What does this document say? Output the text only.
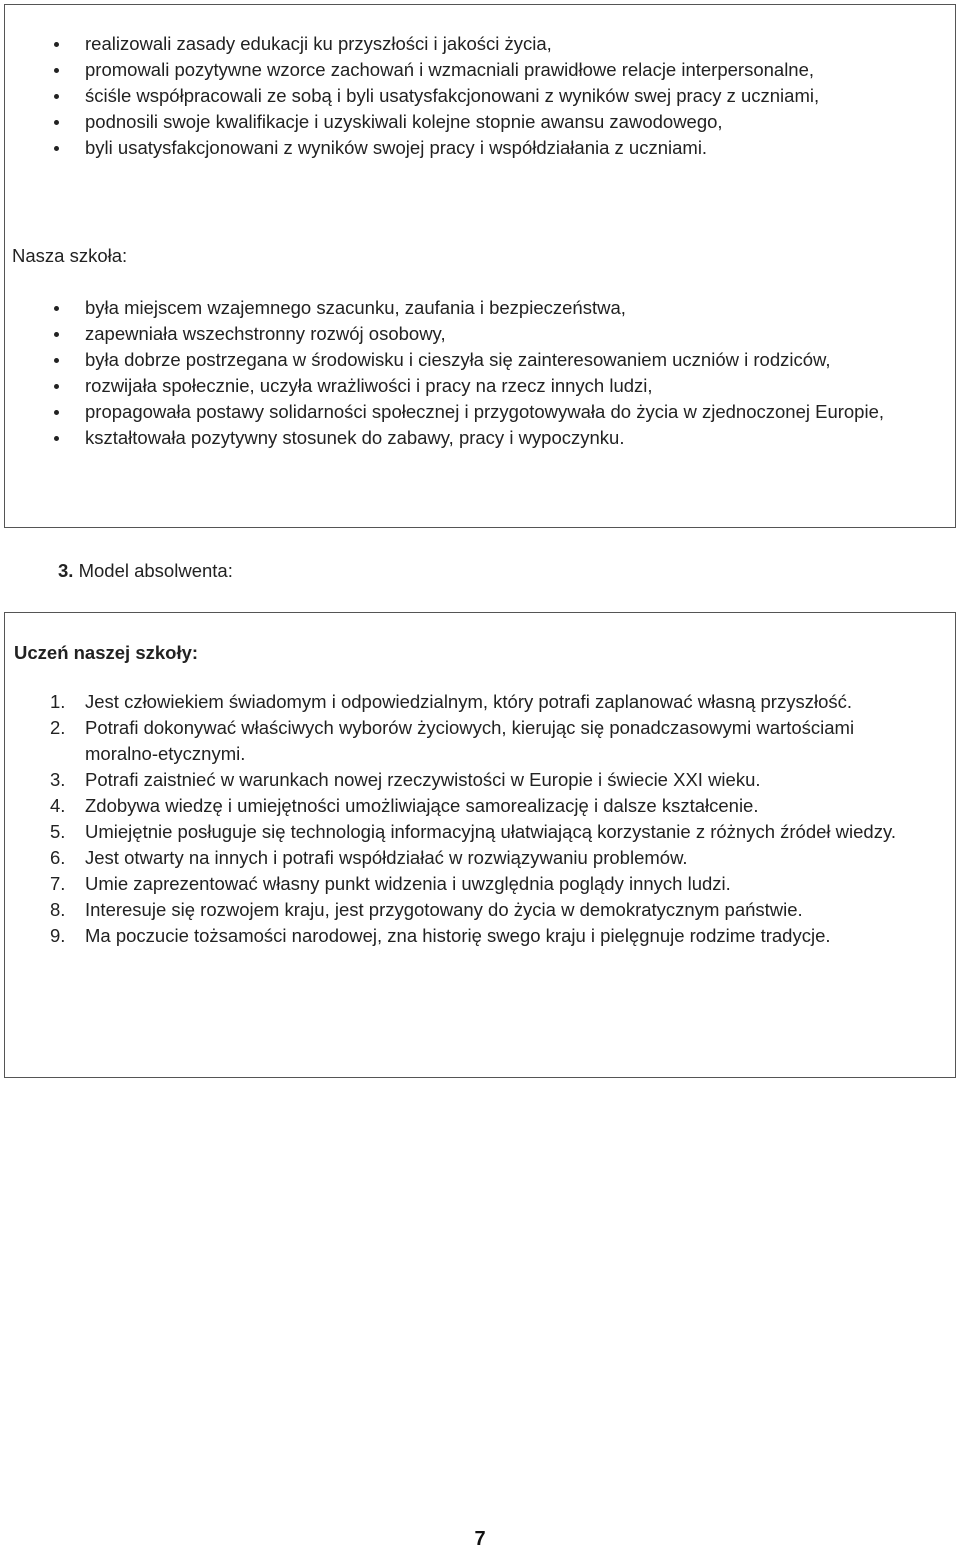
realizowali zasady edukacji ku przyszłości i jakości życia,
promowali pozytywne wzorce zachowań i wzmacniali prawidłowe relacje interpersonalne,
ściśle współpracowali ze sobą i byli usatysfakcjonowani z wyników swej pracy z uczniami,
podnosili swoje kwalifikacje i uzyskiwali kolejne stopnie awansu zawodowego,
byli usatysfakcjonowani z wyników swojej pracy i współdziałania z uczniami.

Nasza szkoła:

była miejscem wzajemnego szacunku, zaufania i bezpieczeństwa,
zapewniała wszechstronny rozwój osobowy,
była dobrze postrzegana w środowisku i cieszyła się zainteresowaniem uczniów i rodziców,
rozwijała społecznie, uczyła wrażliwości i pracy na rzecz innych ludzi,
propagowała postawy solidarności społecznej i przygotowywała do życia w zjednoczonej Europie,
kształtowała pozytywny stosunek do zabawy, pracy i wypoczynku.

3. Model absolwenta:

Uczeń naszej szkoły:

1. Jest człowiekiem świadomym i odpowiedzialnym, który potrafi zaplanować własną przyszłość.
2. Potrafi dokonywać właściwych wyborów życiowych, kierując się ponadczasowymi wartościami moralno-etycznymi.
3. Potrafi zaistnieć w warunkach nowej rzeczywistości w Europie i świecie XXI wieku.
4. Zdobywa wiedzę i umiejętności umożliwiające samorealizację i dalsze kształcenie.
5. Umiejętnie posługuje się technologią informacyjną ułatwiającą korzystanie z różnych źródeł wiedzy.
6. Jest otwarty na innych i potrafi współdziałać w rozwiązywaniu problemów.
7. Umie zaprezentować własny punkt widzenia i uwzględnia poglądy innych ludzi.
8. Interesuje się rozwojem kraju, jest przygotowany do życia w demokratycznym państwie.
9. Ma poczucie tożsamości narodowej, zna historię swego kraju i pielęgnuje rodzime tradycje.
7
